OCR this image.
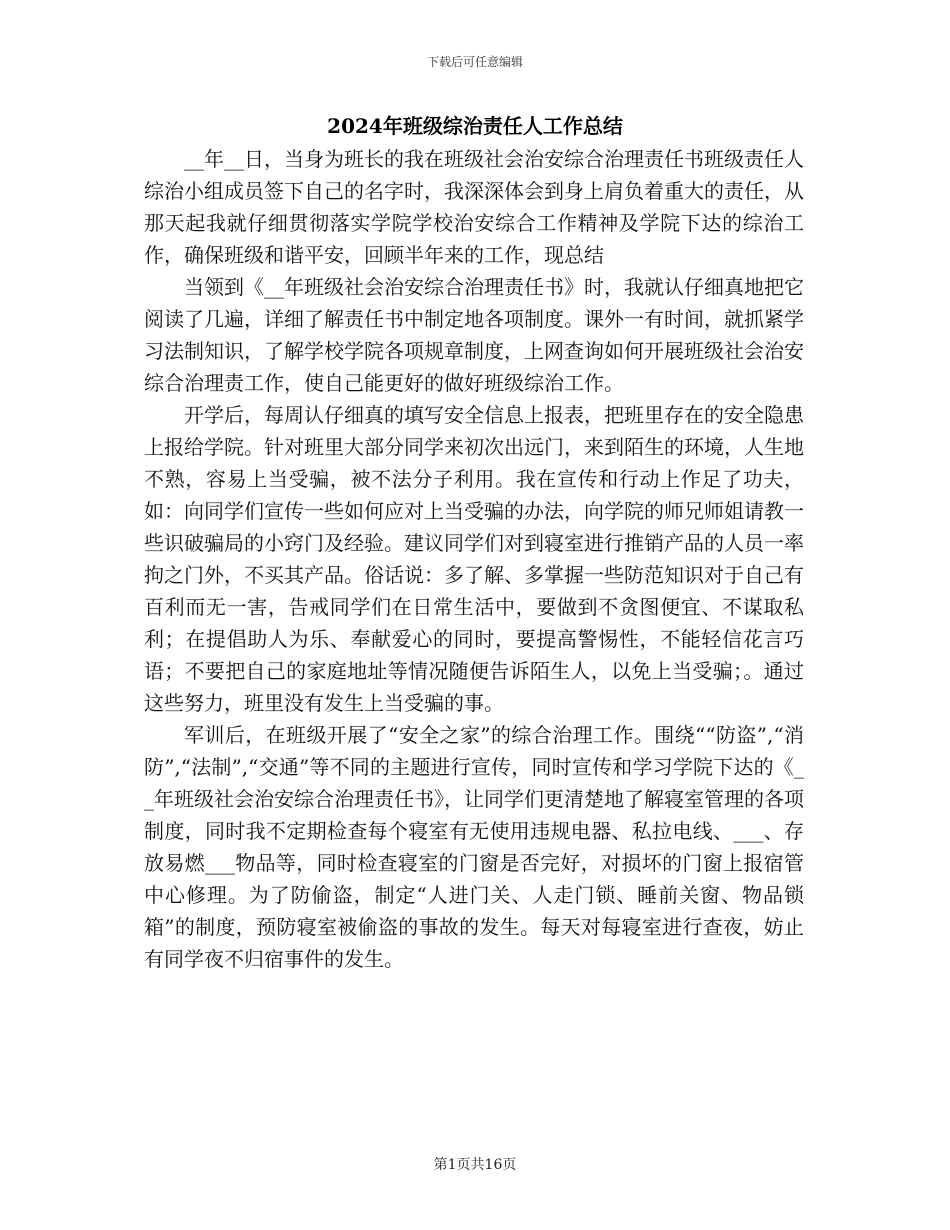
下载后可任意编辑
2024年班级综治责任人工作总结

__年__日，当身为班长的我在班级社会治安综合治理责任书班级责任人综治小组成员签下自己的名字时，我深深体会到身上肩负着重大的责任，从那天起我就仔细贯彻落实学院学校治安综合工作精神及学院下达的综治工作，确保班级和谐平安，回顾半年来的工作，现总结

当领到《__年班级社会治安综合治理责任书》时，我就认仔细真地把它阅读了几遍，详细了解责任书中制定地各项制度。课外一有时间，就抓紧学习法制知识，了解学校学院各项规章制度，上网查询如何开展班级社会治安综合治理责工作，使自己能更好的做好班级综治工作。

开学后，每周认仔细真的填写安全信息上报表，把班里存在的安全隐患上报给学院。针对班里大部分同学来初次出远门，来到陌生的环境，人生地不熟，容易上当受骗，被不法分子利用。我在宣传和行动上作足了功夫，如：向同学们宣传一些如何应对上当受骗的办法，向学院的师兄师姐请教一些识破骗局的小窍门及经验。建议同学们对到寝室进行推销产品的人员一率拘之门外，不买其产品。俗话说：多了解、多掌握一些防范知识对于自己有百利而无一害，告戒同学们在日常生活中，要做到不贪图便宜、不谋取私利；在提倡助人为乐、奉献爱心的同时，要提高警惕性，不能轻信花言巧语；不要把自己的家庭地址等情况随便告诉陌生人，以免上当受骗；。通过这些努力，班里没有发生上当受骗的事。

军训后，在班级开展了“安全之家”的综合治理工作。围绕““防盗”,“消防”,“法制”,“交通”等不同的主题进行宣传，同时宣传和学习学院下达的《__年班级社会治安综合治理责任书》，让同学们更清楚地了解寝室管理的各项制度，同时我不定期检查每个寝室有无使用违规电器、私拉电线、___、存放易燃___物品等，同时检查寝室的门窗是否完好，对损坏的门窗上报宿管中心修理。为了防偷盗，制定“人进门关、人走门锁、睡前关窗、物品锁箱”的制度，预防寝室被偷盗的事故的发生。每天对每寝室进行查夜，妨止有同学夜不归宿事件的发生。

第1页共16页
